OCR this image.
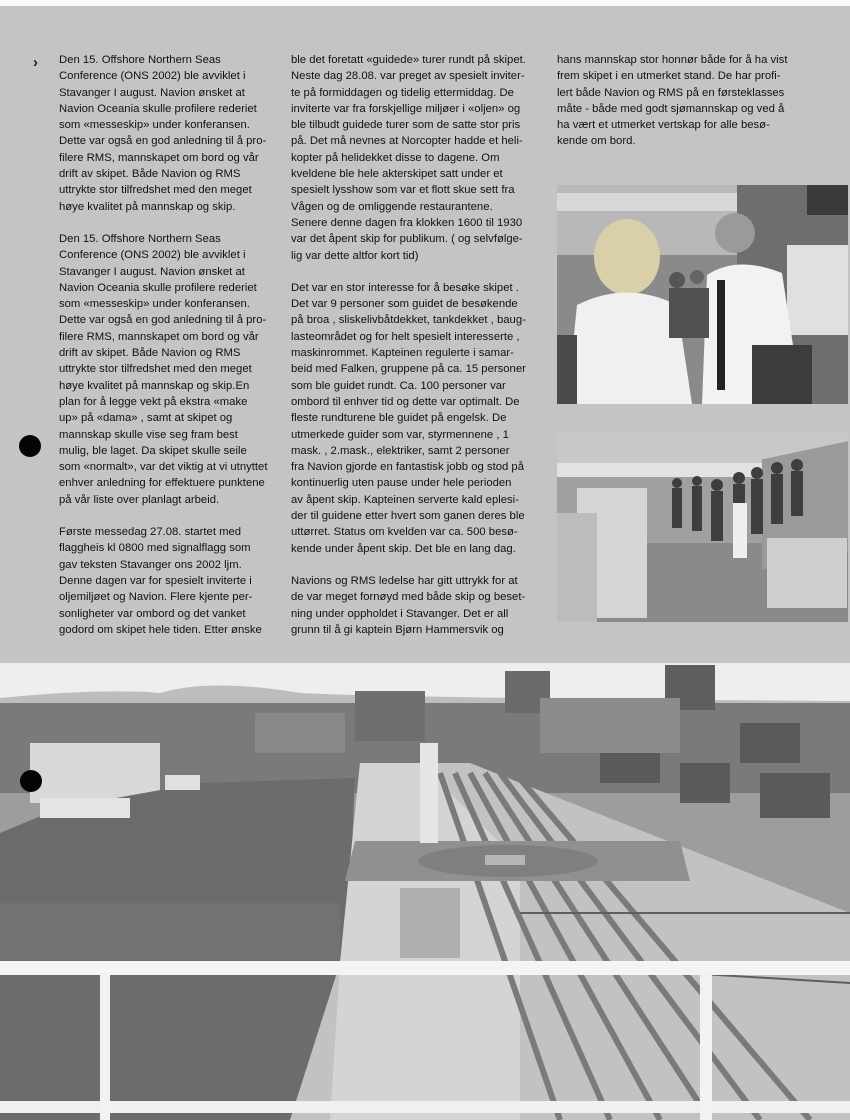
› Den 15. Offshore Northern Seas
Conference (ONS 2002) ble avviklet i
Stavanger I august. Navion ønsket at
Navion Oceania skulle profilere rederiet
som «messeskip» under konferansen.
Dette var også en god anledning til å pro-
filere RMS, mannskapet om bord og vår
drift av skipet. Både Navion og RMS
uttrykte stor tilfredshet med den meget
høye kvalitet på mannskap og skip.

Den 15. Offshore Northern Seas
Conference (ONS 2002) ble avviklet i
Stavanger I august. Navion ønsket at
Navion Oceania skulle profilere rederiet
som «messeskip» under konferansen.
Dette var også en god anledning til å pro-
filere RMS, mannskapet om bord og vår
drift av skipet. Både Navion og RMS
uttrykte stor tilfredshet med den meget
høye kvalitet på mannskap og skip.En
plan for å legge vekt på ekstra «make
up» på «dama» , samt at skipet og
mannskap skulle vise seg fram best
mulig, ble laget. Da skipet skulle seile
som «normalt», var det viktig at vi utnyttet
enhver anledning for effektuere punktene
på vår liste over planlagt arbeid.

Første messedag 27.08. startet med
flaggheis kl 0800 med signalflagg som
gav teksten Stavanger ons 2002 ljm.
Denne dagen var for spesielt inviterte i
oljemiljøet og Navion. Flere kjente per-
sonligheter var ombord og det vanket
godord om skipet hele tiden. Etter ønske

ble det foretatt «guidede» turer rundt på skipet.
Neste dag 28.08. var preget av spesielt inviter-
te på formiddagen og tidelig ettermiddag. De
inviterte var fra forskjellige miljøer i «oljen» og
ble tilbudt guidede turer som de satte stor pris
på. Det må nevnes at Norcopter hadde et heli-
kopter på helidekket disse to dagene. Om
kveldene ble hele akterskipet satt under et
spesielt lysshow som var et flott skue sett fra
Vågen og de omliggende restaurantene.
Senere denne dagen fra klokken 1600 til 1930
var det åpent skip for publikum. ( og selvfølge-
lig var dette altfor kort tid)

Det var en stor interesse for å besøke skipet .
Det var 9 personer som guidet de besøkende
på broa , sliskelivbåtdekket, tankdekket , baug-
lasteområdet og for helt spesielt interesserte ,
maskinrommet. Kapteinen regulerte i samar-
beid med Falken, gruppene på ca. 15 personer
som ble guidet rundt. Ca. 100 personer var
ombord til enhver tid og dette var optimalt. De
fleste rundturene ble guidet på engelsk. De
utmerkede guider som var, styrmennene , 1
mask. , 2.mask., elektriker, samt 2 personer
fra Navion gjorde en fantastisk jobb og stod på
kontinuerlig uten pause under hele perioden
av åpent skip. Kapteinen serverte kald eplesi-
der til guidene etter hvert som ganen deres ble
uttørret. Status om kvelden var ca. 500 besø-
kende under åpent skip. Det ble en lang dag.

Navions og RMS ledelse har gitt uttrykk for at
de var meget fornøyd med både skip og beset-
ning under oppholdet i Stavanger. Det er all
grunn til å gi kaptein Bjørn Hammersvik og

hans mannskap stor honnør både for å ha vist
frem skipet i en utmerket stand. De har profi-
lert både Navion og RMS på en førsteklasses
måte - både med godt sjømannskap og ved å
ha vært et utmerket vertskap for alle besø-
kende om bord.
